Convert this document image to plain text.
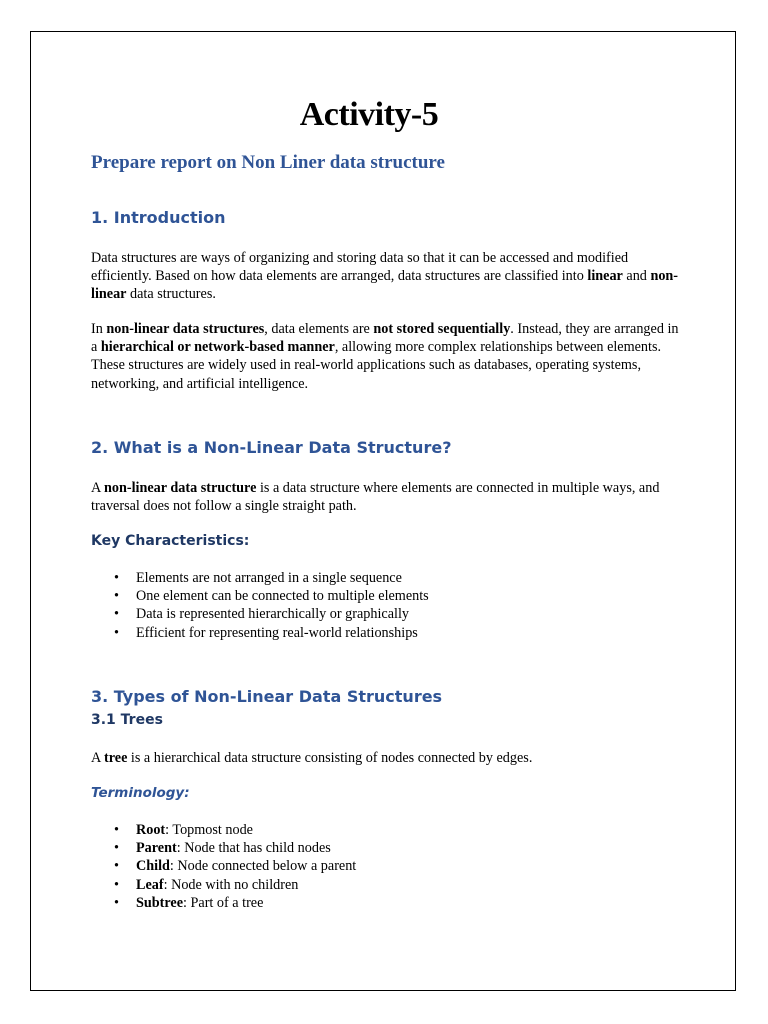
Activity-5
Prepare report on Non Liner data structure
1. Introduction

Data structures are ways of organizing and storing data so that it can be accessed and modified efficiently. Based on how data elements are arranged, data structures are classified into linear and non-linear data structures.

In non-linear data structures, data elements are not stored sequentially. Instead, they are arranged in a hierarchical or network-based manner, allowing more complex relationships between elements. These structures are widely used in real-world applications such as databases, operating systems, networking, and artificial intelligence.

2. What is a Non-Linear Data Structure?

A non-linear data structure is a data structure where elements are connected in multiple ways, and traversal does not follow a single straight path.

Key Characteristics:
• Elements are not arranged in a single sequence
• One element can be connected to multiple elements
• Data is represented hierarchically or graphically
• Efficient for representing real-world relationships
3. Types of Non-Linear Data Structures
3.1 Trees

A tree is a hierarchical data structure consisting of nodes connected by edges.

Terminology:
• Root: Topmost node
• Parent: Node that has child nodes
• Child: Node connected below a parent
• Leaf: Node with no children
• Subtree: Part of a tree
